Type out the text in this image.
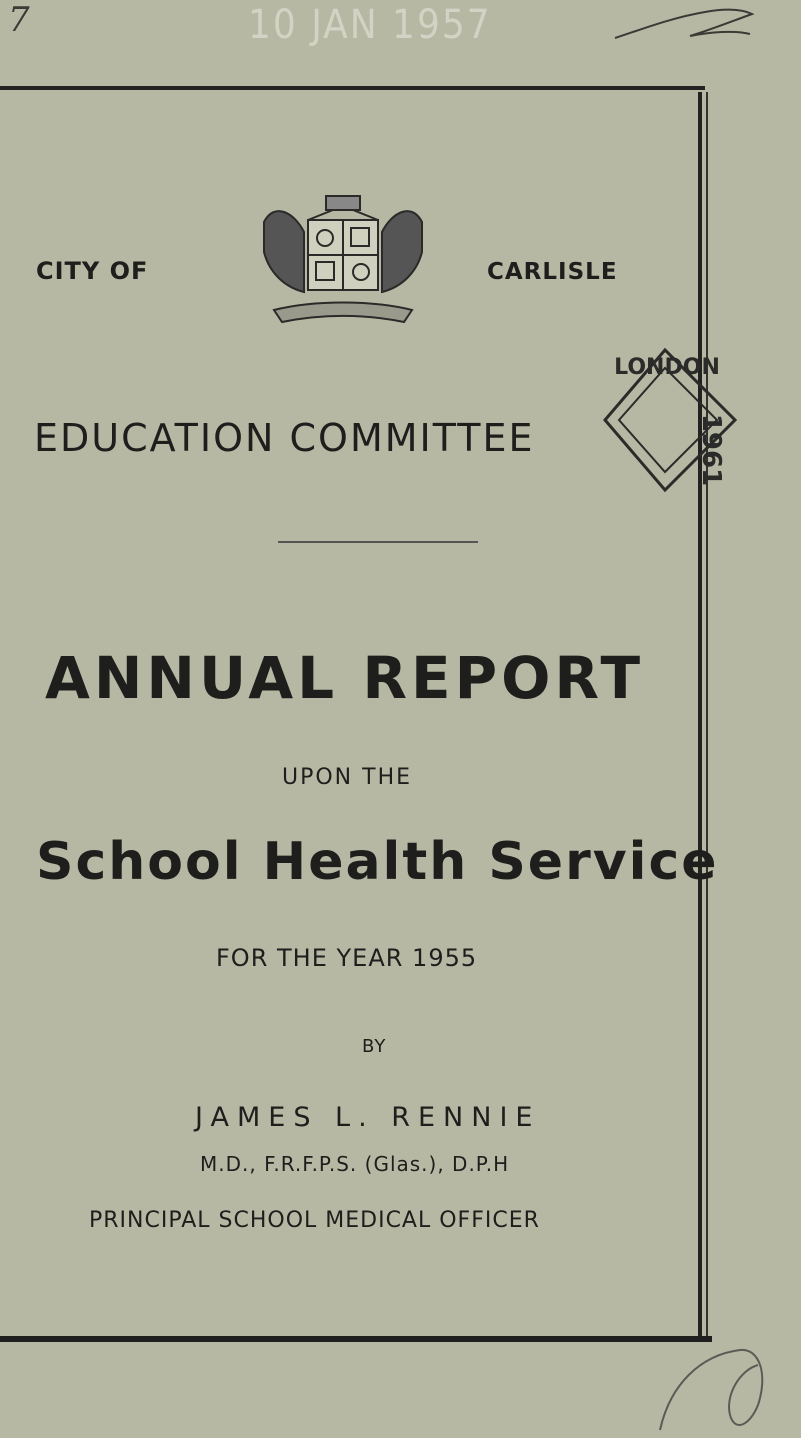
7	10 JAN 1957
CITY OF	CARLISLE
EDUCATION COMMITTEE
LONDON
1961
ANNUAL REPORT
UPON THE
School Health Service
FOR THE YEAR 1955
BY
JAMES L. RENNIE
M.D., F.R.F.P.S. (Glas.), D.P.H
PRINCIPAL SCHOOL MEDICAL OFFICER
